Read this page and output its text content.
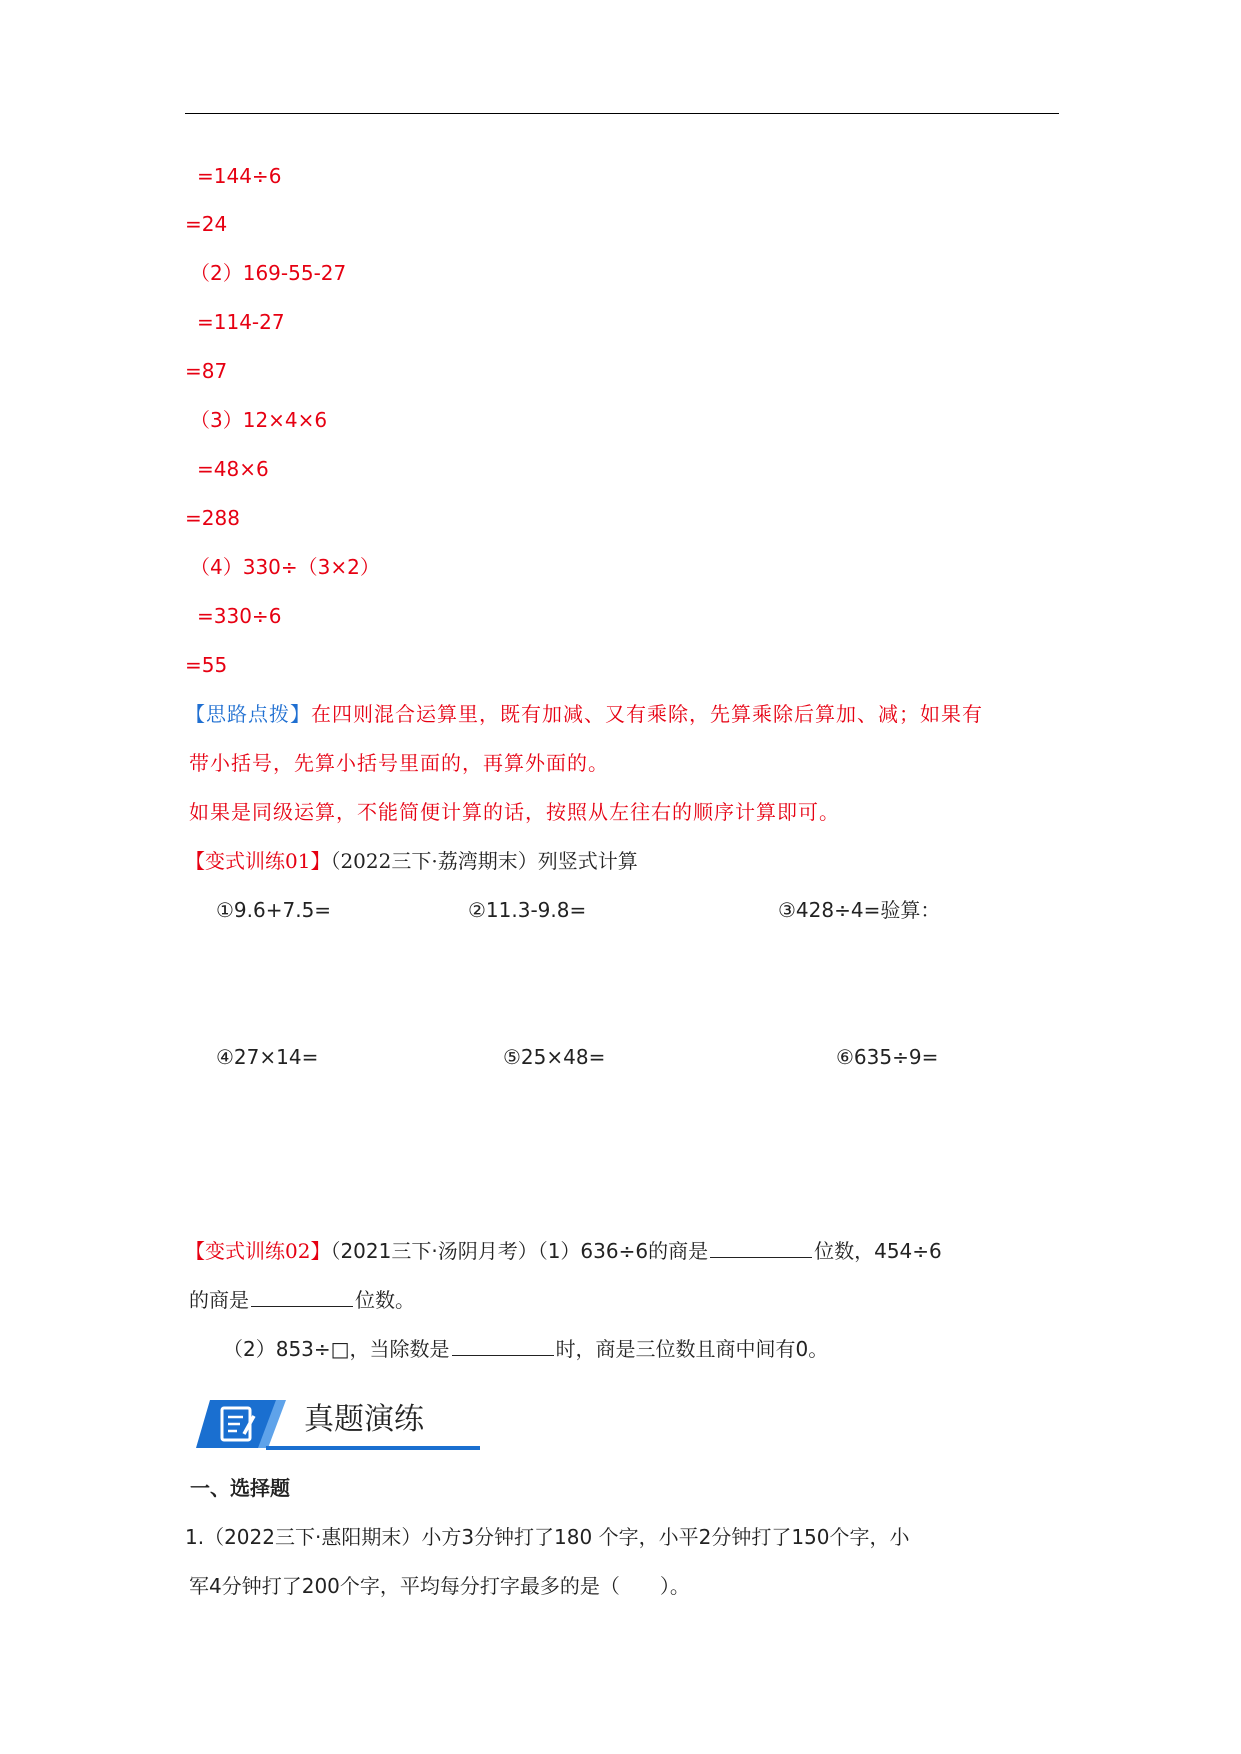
=144÷6
=24
（2）169-55-27
=114-27
=87
（3）12×4×6
=48×6
=288
（4）330÷（3×2）
=330÷6
=55
【思路点拨】在四则混合运算里，既有加减、又有乘除，先算乘除后算加、减；如果有
带小括号，先算小括号里面的，再算外面的。
如果是同级运算，不能简便计算的话，按照从左往右的顺序计算即可。
【变式训练01】（2022三下·荔湾期末）列竖式计算
①9.6+7.5=	②11.3-9.8=	③428÷4=验算：
④27×14=	⑤25×48=	⑥635÷9=
【变式训练02】（2021三下·汤阴月考）（1）636÷6的商是	位数，454÷6
的商是	位数。
（2）853÷□，当除数是	时，商是三位数且商中间有0。
真题演练
一、选择题
1.（2022三下·惠阳期末）小方3分钟打了180 个字，小平2分钟打了150个字，小
军4分钟打了200个字，平均每分打字最多的是（　　）。
